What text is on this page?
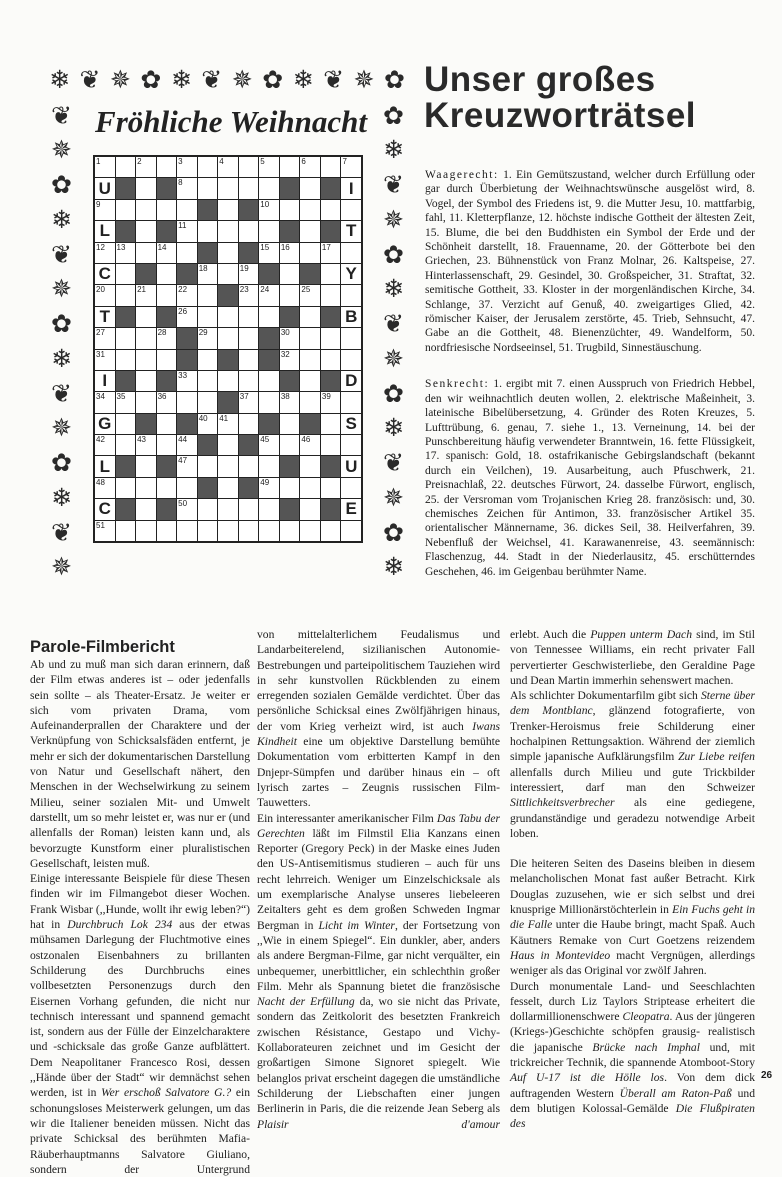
❄
❦
✵
✿
❄
❦
✵
✿
❄
❦
✵
✿
❦
✵
✿
❄
❦
✵
✿
❄
❦
✵
✿
❄
❦
✵
✿
❄
❦
✵
✿
❄
❦
✵
✿
❄
❦
✵
✿
❄
Fröhliche Weihnacht
Unser großes
Kreuzworträtsel
1	2	3	4	5	6	7
U	8	I
9	10
L	11	T
12 13	14	15 16	17
C	18	19	Y
20	21	22	23 24	25
T	26	B
27	28	29	30
31	32
I	33	D
34 35	36	37	38	39
G	40 41	S
42	43	44	45	46
L	47	U
48	49
C	50	E
51
Waagerecht: 1. Ein Gemütszustand, welcher durch Erfüllung oder gar durch Überbietung der Weihnachtswünsche ausgelöst wird, 8. Vogel, der Symbol des Friedens ist, 9. die Mutter Jesu, 10. mattfarbig, fahl, 11. Kletterpflanze, 12. höchste indische Gottheit der ältesten Zeit, 15. Blume, die bei den Buddhisten ein Symbol der Erde und der Schönheit darstellt, 18. Frauenname, 20. der Götterbote bei den Griechen, 23. Bühnenstück von Franz Molnar, 26. Kaltspeise, 27. Hinterlassenschaft, 29. Gesindel, 30. Großspeicher, 31. Straftat, 32. semitische Gottheit, 33. Kloster in der morgenländischen Kirche, 34. Schlange, 37. Verzicht auf Genuß, 40. zweigartiges Glied, 42. römischer Kaiser, der Jerusalem zerstörte, 45. Trieb, Sehnsucht, 47. Gabe an die Gottheit, 48. Bienenzüchter, 49. Wandelform, 50. nordfriesische Nordseeinsel, 51. Trugbild, Sinnestäuschung.
Senkrecht: 1. ergibt mit 7. einen Ausspruch von Friedrich Hebbel, den wir weihnachtlich deuten wollen, 2. elektrische Maßeinheit, 3. lateinische Bibelübersetzung, 4. Gründer des Roten Kreuzes, 5. Lufttrübung, 6. genau, 7. siehe 1., 13. Verneinung, 14. bei der Punschbereitung häufig verwendeter Branntwein, 16. fette Flüssigkeit, 17. spanisch: Gold, 18. ostafrikanische Gebirgslandschaft (bekannt durch ein Veilchen), 19. Ausarbeitung, auch Pfuschwerk, 21. Preisnachlaß, 22. deutsches Fürwort, 24. dasselbe Fürwort, englisch, 25. der Versroman vom Trojanischen Krieg 28. französisch: und, 30. chemisches Zeichen für Antimon, 33. französischer Artikel 35. orientalischer Männername, 36. dickes Seil, 38. Heilverfahren, 39. Nebenfluß der Weichsel, 41. Karawanenreise, 43. seemännisch: Flaschenzug, 44. Stadt in der Niederlausitz, 45. erschütterndes Geschehen, 46. im Geigenbau berühmter Name.
Parole-Filmbericht

Ab und zu muß man sich daran erinnern, daß der Film etwas anderes ist – oder jedenfalls sein sollte – als Theater-Ersatz. Je weiter er sich vom privaten Drama, vom Aufeinanderprallen der Charaktere und der Verknüpfung von Schicksalsfäden entfernt, je mehr er sich der dokumentarischen Darstellung von Natur und Gesellschaft nähert, den Menschen in der Wechselwirkung zu seinem Milieu, seiner sozialen Mit- und Umwelt darstellt, um so mehr leistet er, was nur er (und allenfalls der Roman) leisten kann und, als bevorzugte Kunstform einer pluralistischen Gesellschaft, leisten muß.

Einige interessante Beispiele für diese Thesen finden wir im Filmangebot dieser Wochen. Frank Wisbar (,,Hunde, wollt ihr ewig leben?“) hat in Durchbruch Lok 234 aus der etwas mühsamen Darlegung der Fluchtmotive eines ostzonalen Eisenbahners zu brillanten Schilderung des Durchbruchs eines vollbesetzten Personenzugs durch den Eisernen Vorhang gefunden, die nicht nur technisch interessant und spannend gemacht ist, sondern aus der Fülle der Einzelcharaktere und -schicksale das große Ganze aufblättert. Dem Neapolitaner Francesco Rosi, dessen ,,Hände über der Stadt“ wir demnächst sehen werden, ist in Wer erschoß Salvatore G.? ein schonungsloses Meisterwerk gelungen, um das wir die Italiener beneiden müssen. Nicht das private Schicksal des berühmten Mafia-Räuberhauptmanns Salvatore Giuliano, sondern der Untergrund

von mittelalterlichem Feudalismus und Landarbeiterelend, sizilianischen Autonomie-Bestrebungen und parteipolitischem Tauziehen wird in sehr kunstvollen Rückblenden zu einem erregenden sozialen Gemälde verdichtet. Über das persönliche Schicksal eines Zwölfjährigen hinaus, der vom Krieg verheizt wird, ist auch Iwans Kindheit eine um objektive Darstellung bemühte Dokumentation vom erbitterten Kampf in den Dnjepr-Sümpfen und darüber hinaus ein – oft lyrisch zartes – Zeugnis russischen Film-Tauwetters.

Ein interessanter amerikanischer Film Das Tabu der Gerechten läßt im Filmstil Elia Kanzans einen Reporter (Gregory Peck) in der Maske eines Juden den US-Antisemitismus studieren – auch für uns recht lehrreich. Weniger um Einzelschicksale als um exemplarische Analyse unseres liebeleeren Zeitalters geht es dem großen Schweden Ingmar Bergman in Licht im Winter, der Fortsetzung von ,,Wie in einem Spiegel“. Ein dunkler, aber, anders als andere Bergman-Filme, gar nicht verquälter, ein unbequemer, unerbittlicher, ein schlechthin großer Film. Mehr als Spannung bietet die französische Nacht der Erfüllung da, wo sie nicht das Private, sondern das Zeitkolorit des besetzten Frankreich zwischen Résistance, Gestapo und Vichy-Kollaborateuren zeichnet und im Gesicht der großartigen Simone Signoret spiegelt. Wie belanglos privat erscheint dagegen die umständliche Schilderung der Liebschaften einer jungen Berlinerin in Paris, die die reizende Jean Seberg als Plaisir d'amour

erlebt. Auch die Puppen unterm Dach sind, im Stil von Tennessee Williams, ein recht privater Fall pervertierter Geschwisterliebe, den Geraldine Page und Dean Martin immerhin sehenswert machen.

Als schlichter Dokumentarfilm gibt sich Sterne über dem Montblanc, glänzend fotografierte, von Trenker-Heroismus freie Schilderung einer hochalpinen Rettungsaktion. Während der ziemlich simple japanische Aufklärungsfilm Zur Liebe reifen allenfalls durch Milieu und gute Trickbilder interessiert, darf man den Schweizer Sittlichkeitsverbrecher als eine gediegene, grundanständige und geradezu notwendige Arbeit loben.

Die heiteren Seiten des Daseins bleiben in diesem melancholischen Monat fast außer Betracht. Kirk Douglas zuzusehen, wie er sich selbst und drei knusprige Millionärstöchterlein in Ein Fuchs geht in die Falle unter die Haube bringt, macht Spaß. Auch Käutners Remake von Curt Goetzens reizendem Haus in Montevideo macht Vergnügen, allerdings weniger als das Original vor zwölf Jahren.

Durch monumentale Land- und Seeschlachten fesselt, durch Liz Taylors Striptease erheitert die dollarmillionenschwere Cleopatra. Aus der jüngeren (Kriegs-)Geschichte schöpfen grausig- realistisch die japanische Brücke nach Imphal und, mit trickreicher Technik, die spannende Atomboot-Story Auf U-17 ist die Hölle los. Von dem dick auftragenden Western Überall am Raton-Paß und dem blutigen Kolossal-Gemälde Die Flußpiraten des

26
